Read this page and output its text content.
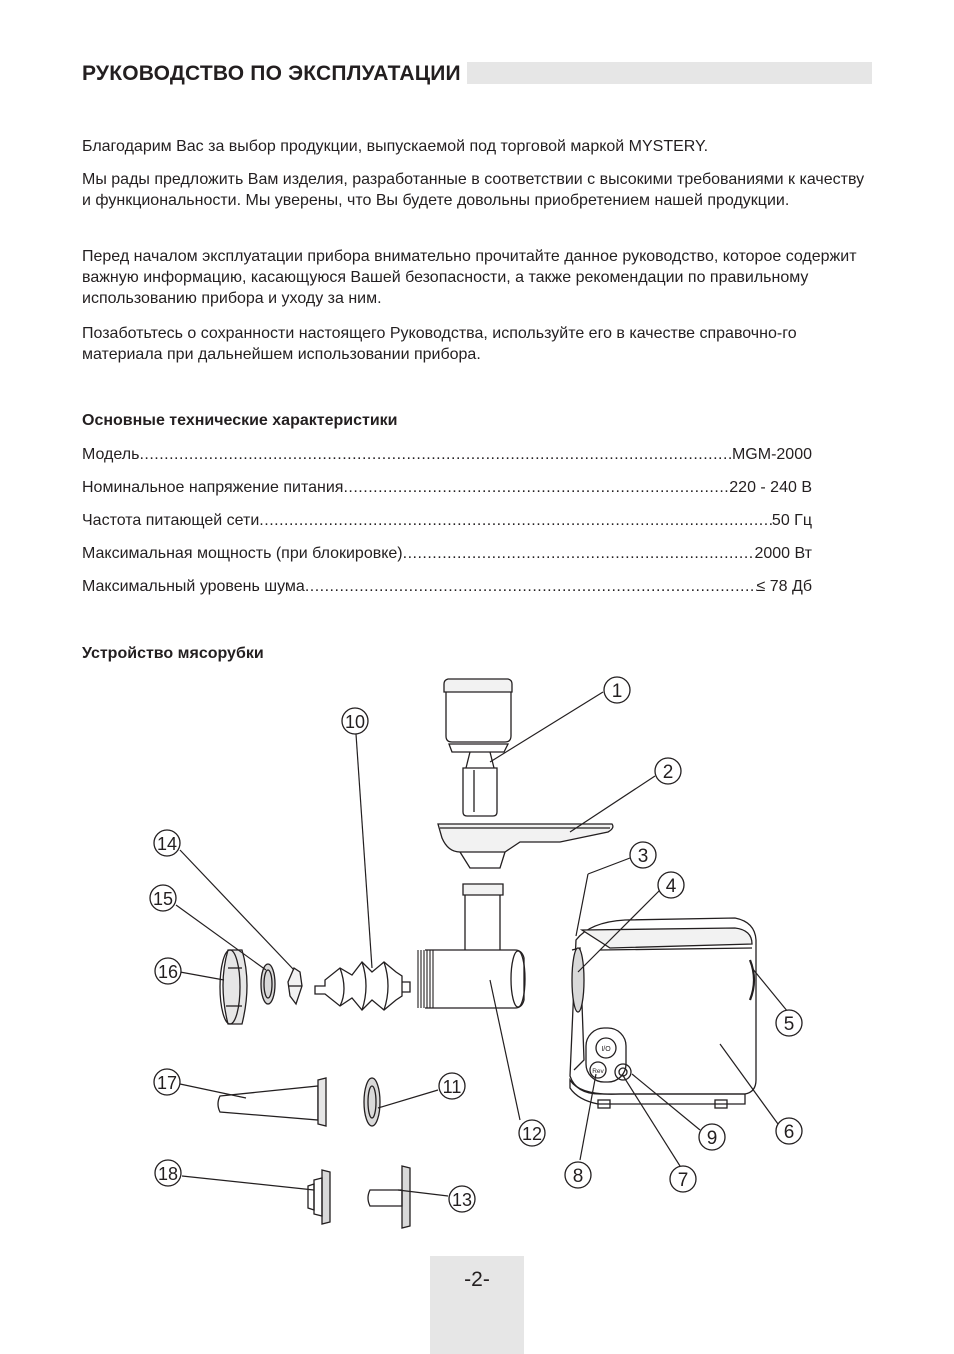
РУКОВОДСТВО ПО ЭКСПЛУАТАЦИИ

Благодарим Вас за выбор продукции, выпускаемой под торговой маркой MYSTERY.

Мы рады предложить Вам изделия, разработанные в соответствии с высокими требованиями к качеству и функциональности. Мы уверены, что Вы будете довольны приобретением нашей продукции.

Перед началом эксплуатации прибора внимательно прочитайте данное руководство, которое содержит важную информацию, касающуюся Вашей безопасности, а также рекомендации по правильному использованию прибора и уходу за ним.

Позаботьтесь о сохранности настоящего Руководства, используйте его в качестве справочно-го материала при дальнейшем использовании прибора.

Основные технические характеристики

Модель .....	MGM-2000
Номинальное напряжение питания .....	220 - 240 В
Частота питающей сети .....	50 Гц
Максимальная мощность (при блокировке) .....	2000 Вт
Максимальный уровень шума .....	≤ 78 Дб

Устройство мясорубки

I/O
Rev
1
2
3
4
5
6
7
8
9
10
11
12
13
14
15
16
17
18
-2-
